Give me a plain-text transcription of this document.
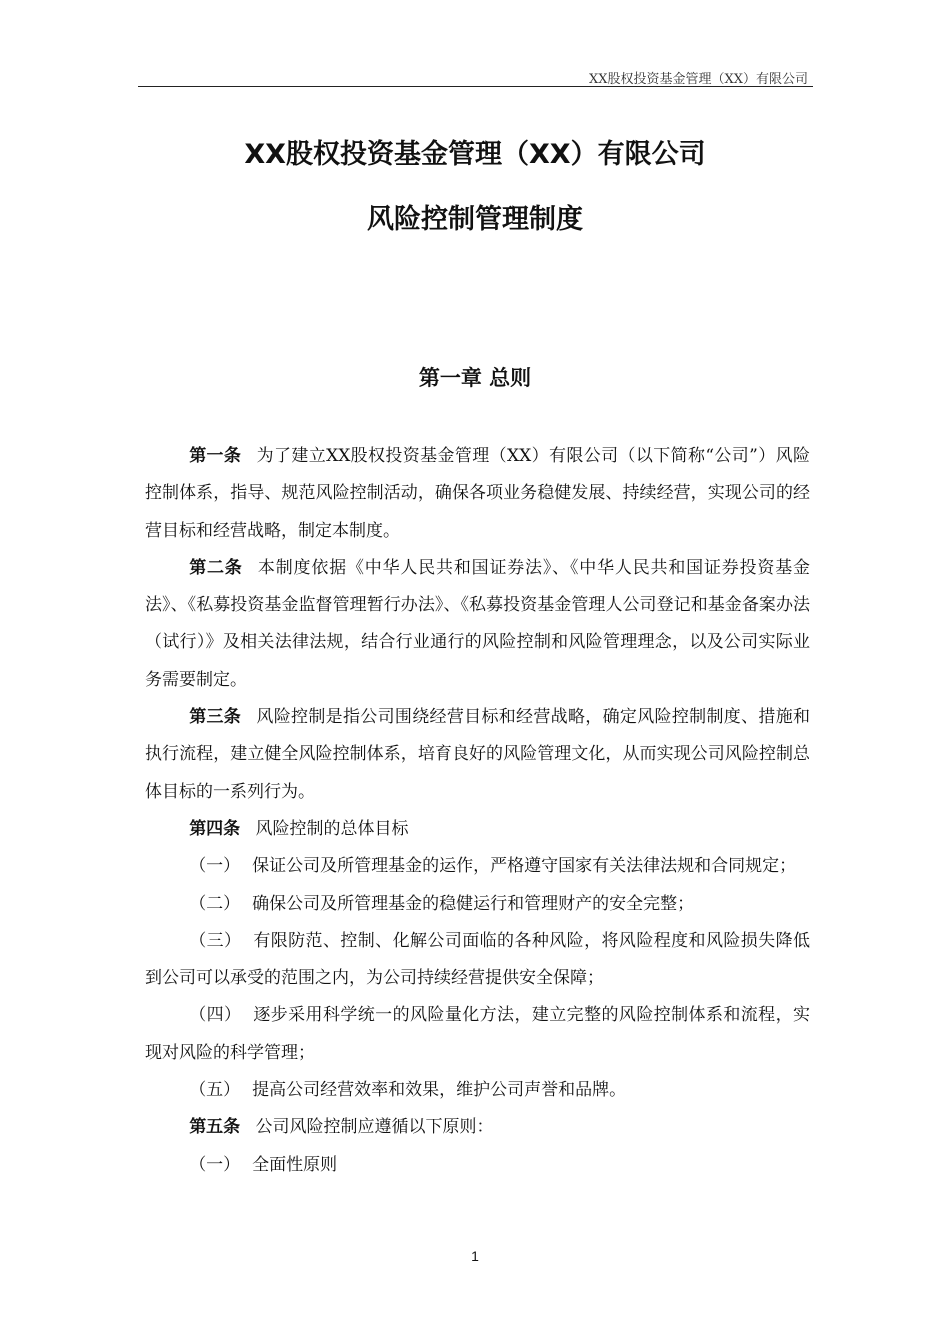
XX股权投资基金管理（XX）有限公司
XX股权投资基金管理（XX）有限公司
风险控制管理制度
第一章 总则
第一条 为了建立XX股权投资基金管理（XX）有限公司（以下简称“公司”）风险控制体系，指导、规范风险控制活动，确保各项业务稳健发展、持续经营，实现公司的经营目标和经营战略，制定本制度。
第二条 本制度依据《中华人民共和国证券法》、《中华人民共和国证券投资基金法》、《私募投资基金监督管理暂行办法》、《私募投资基金管理人公司登记和基金备案办法（试行）》及相关法律法规，结合行业通行的风险控制和风险管理理念，以及公司实际业务需要制定。
第三条 风险控制是指公司围绕经营目标和经营战略，确定风险控制制度、措施和执行流程，建立健全风险控制体系，培育良好的风险管理文化，从而实现公司风险控制总体目标的一系列行为。
第四条 风险控制的总体目标
（一） 保证公司及所管理基金的运作，严格遵守国家有关法律法规和合同规定；
（二） 确保公司及所管理基金的稳健运行和管理财产的安全完整；
（三） 有限防范、控制、化解公司面临的各种风险，将风险程度和风险损失降低到公司可以承受的范围之内，为公司持续经营提供安全保障；
（四） 逐步采用科学统一的风险量化方法，建立完整的风险控制体系和流程，实现对风险的科学管理；
（五） 提高公司经营效率和效果，维护公司声誉和品牌。
第五条 公司风险控制应遵循以下原则：
（一） 全面性原则
1
